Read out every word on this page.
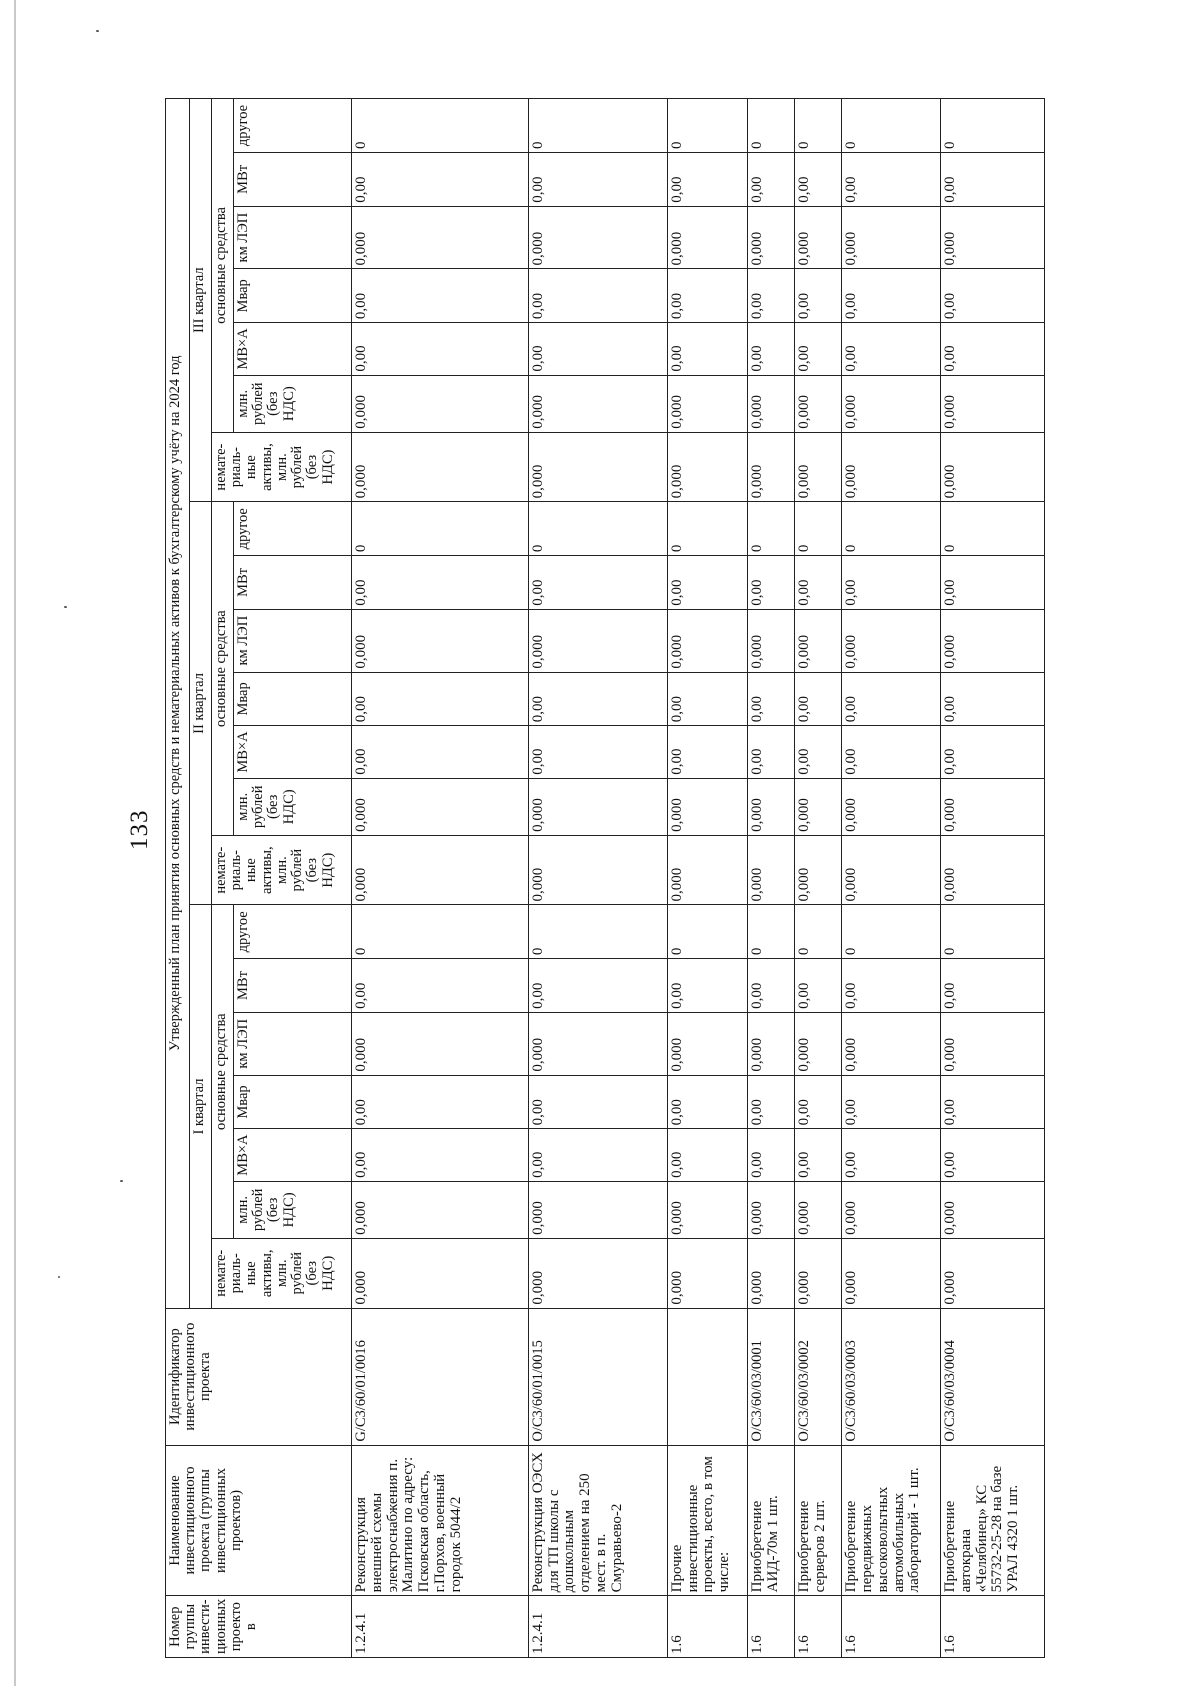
133
Номер группы инвести-ционных проекто в	Наименование инвестиционного проекта (группы инвестиционных проектов)	Идентификатор инвестиционного проекта	Утвержденный план принятия основных средств и нематериальных активов к бухгалтерскому учёту на 2024 год																				
			I квартал							II квартал							III квартал						
			немате-риаль-ные активы, млн. рублей (без НДС)	основные средства						немате-риаль-ные активы, млн. рублей (без НДС)	основные средства						немате-риаль-ные активы, млн. рублей (без НДС)	основные средства					
				млн. рублей (без НДС)	МВ×А	Мвар	км ЛЭП	МВт	другое		млн. рублей (без НДС)	МВ×А	Мвар	км ЛЭП	МВт	другое		млн. рублей (без НДС)	МВ×А	Мвар	км ЛЭП	МВт	другое
1.2.4.1	Реконструкция внешней схемы электроснабжения п. Малитино по адресу: Псковская область, г.Порхов, военный городок 5044/2	G/C3/60/01/0016	0,000	0,000	0,00	0,00	0,000	0,00	0	0,000	0,000	0,00	0,00	0,000	0,00	0	0,000	0,000	0,00	0,00	0,000	0,00	0
1.2.4.1	Реконструкция ОЭСХ для ТП школы с дошкольным отделением на 250 мест. в п. Смуравьево-2	O/C3/60/01/0015	0,000	0,000	0,00	0,00	0,000	0,00	0	0,000	0,000	0,00	0,00	0,000	0,00	0	0,000	0,000	0,00	0,00	0,000	0,00	0
1.6	Прочие инвестиционные проекты, всего, в том числе:		0,000	0,000	0,00	0,00	0,000	0,00	0	0,000	0,000	0,00	0,00	0,000	0,00	0	0,000	0,000	0,00	0,00	0,000	0,00	0
1.6	Приобретение АИД-70м 1 шт.	O/C3/60/03/0001	0,000	0,000	0,00	0,00	0,000	0,00	0	0,000	0,000	0,00	0,00	0,000	0,00	0	0,000	0,000	0,00	0,00	0,000	0,00	0
1.6	Приобретение серверов 2 шт.	O/C3/60/03/0002	0,000	0,000	0,00	0,00	0,000	0,00	0	0,000	0,000	0,00	0,00	0,000	0,00	0	0,000	0,000	0,00	0,00	0,000	0,00	0
1.6	Приобретение передвижных высоковольтных автомобильных лабораторий - 1 шт.	O/C3/60/03/0003	0,000	0,000	0,00	0,00	0,000	0,00	0	0,000	0,000	0,00	0,00	0,000	0,00	0	0,000	0,000	0,00	0,00	0,000	0,00	0
1.6	Приобретение автокрана «Челябинец» КС 55732-25-28 на базе УРАЛ 4320 1 шт.	O/C3/60/03/0004	0,000	0,000	0,00	0,00	0,000	0,00	0	0,000	0,000	0,00	0,00	0,000	0,00	0	0,000	0,000	0,00	0,00	0,000	0,00	0
